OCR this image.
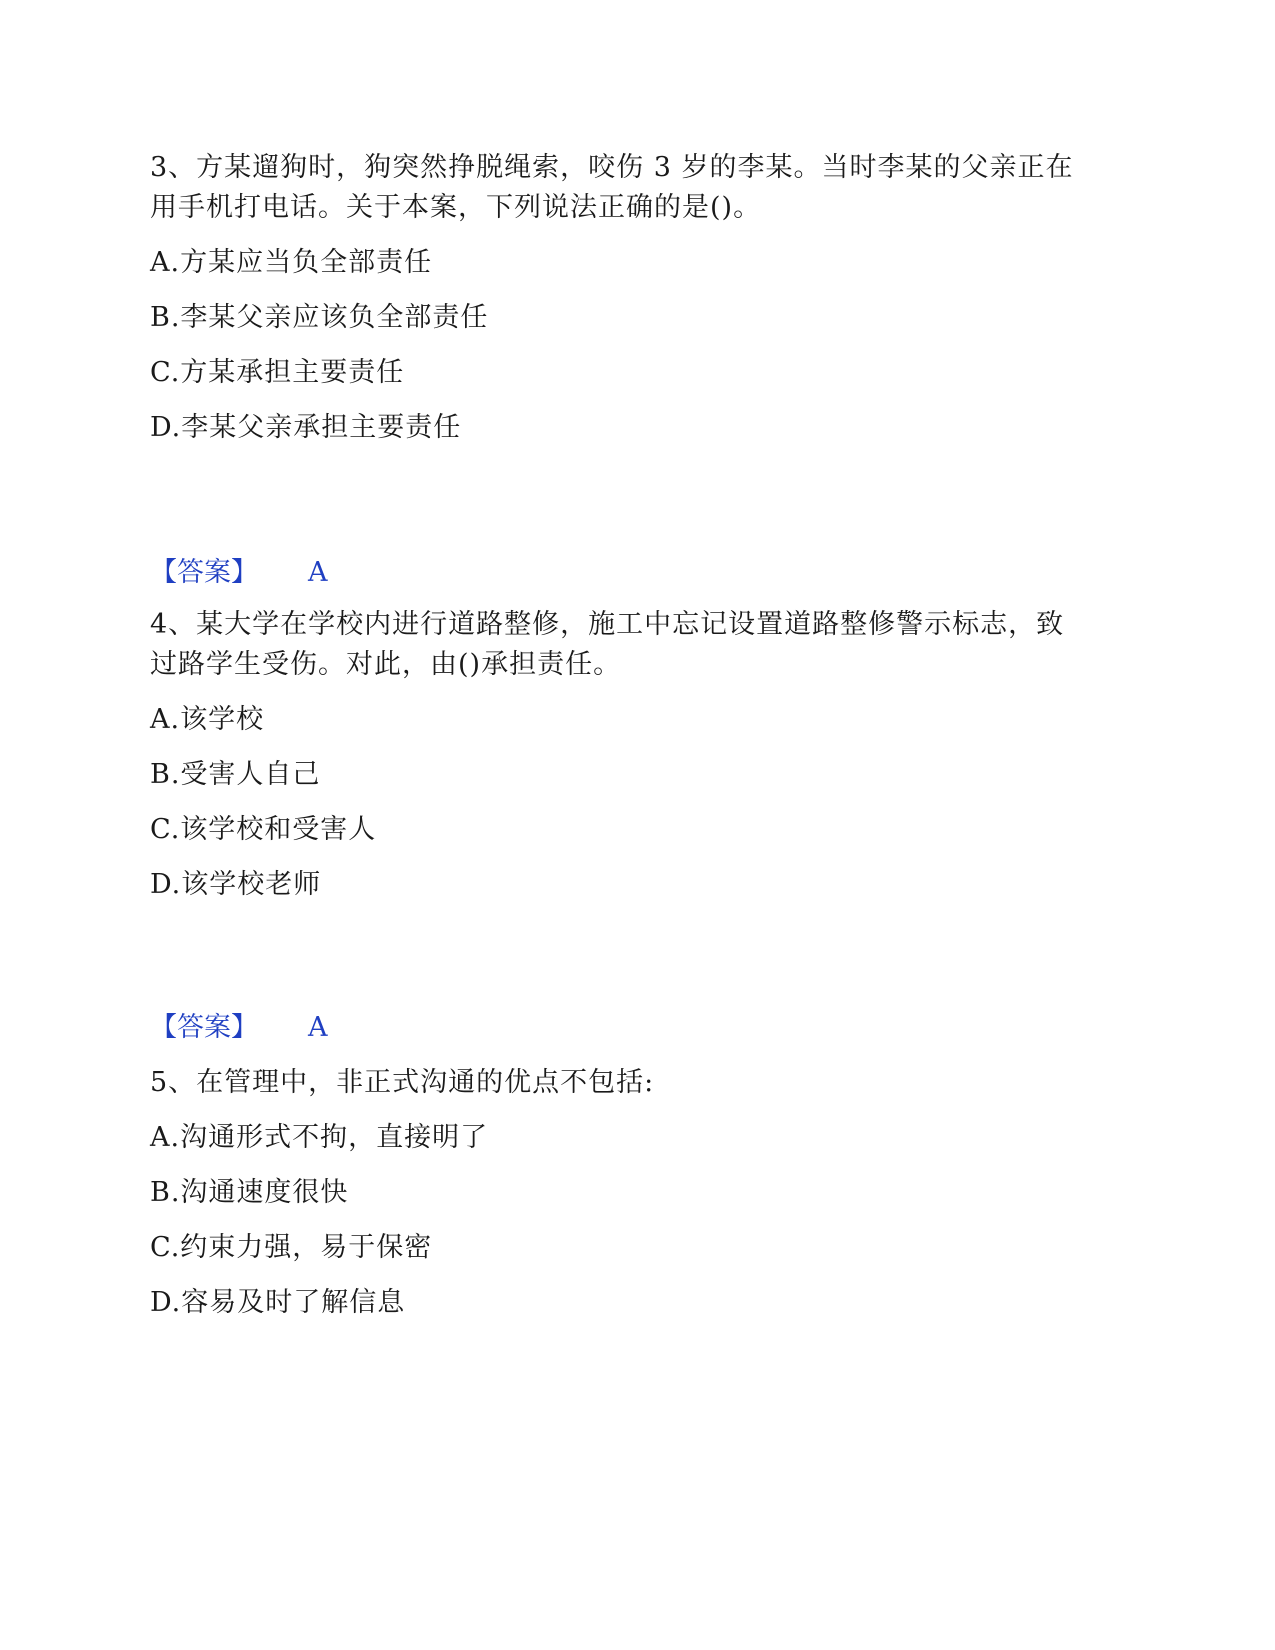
3、方某遛狗时，狗突然挣脱绳索，咬伤 3 岁的李某。当时李某的父亲正在
用手机打电话。关于本案，下列说法正确的是()。
A.方某应当负全部责任
B.李某父亲应该负全部责任
C.方某承担主要责任
D.李某父亲承担主要责任
【答案】 A
4、某大学在学校内进行道路整修，施工中忘记设置道路整修警示标志，致
过路学生受伤。对此，由()承担责任。
A.该学校
B.受害人自己
C.该学校和受害人
D.该学校老师
【答案】 A
5、在管理中，非正式沟通的优点不包括:
A.沟通形式不拘，直接明了
B.沟通速度很快
C.约束力强，易于保密
D.容易及时了解信息
